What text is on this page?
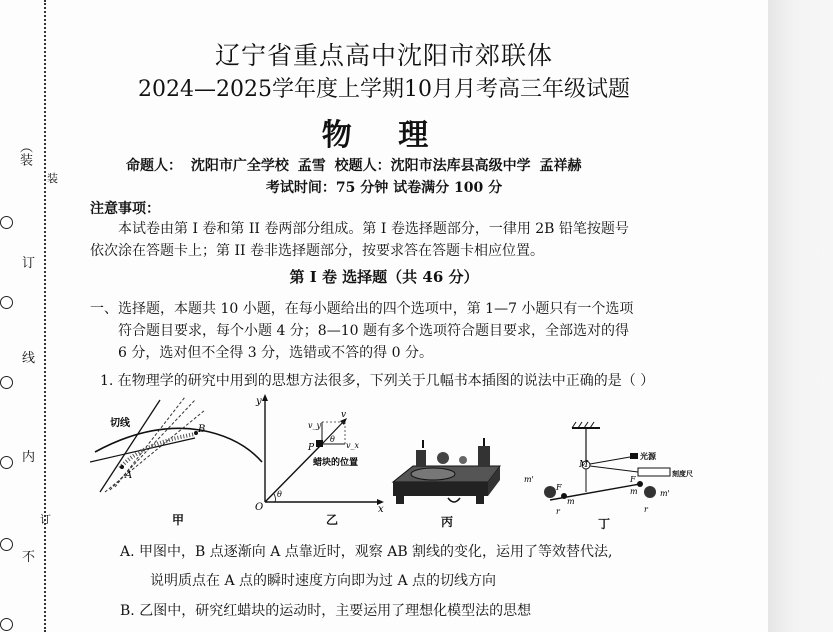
（装
装
订
线
内
订
不
辽宁省重点高中沈阳市郊联体
2024—2025学年度上学期10月月考高三年级试题
物 理
命题人： 沈阳市广全学校 孟雪 校题人：沈阳市法库县高级中学 孟祥赫
考试时间：75 分钟 试卷满分 100 分
注意事项：
本试卷由第 I 卷和第 II 卷两部分组成。第 I 卷选择题部分，一律用 2B 铅笔按题号
依次涂在答题卡上；第 II 卷非选择题部分，按要求答在答题卡相应位置。
第 I 卷 选择题（共 46 分）
一、选择题，本题共 10 小题，在每小题给出的四个选项中，第 1—7 小题只有一个选项
符合题目要求，每个小题 4 分；8—10 题有多个选项符合题目要求，全部选对的得
6 分，选对但不全得 3 分，选错或不答的得 0 分。
1. 在物理学的研究中用到的思想方法很多，下列关于几幅书本插图的说法中正确的是（ ）
切线
A
B
甲
y
x
O
P
v
v_y
v_x
θ
θ
蜡块的位置
乙	丙
M
光源
刻度尺
m'
m'
F
F
m
m
r	r
丁
A. 甲图中，B 点逐渐向 A 点靠近时，观察 AB 割线的变化，运用了等效替代法,
说明质点在 A 点的瞬时速度方向即为过 A 点的切线方向
B. 乙图中，研究红蜡块的运动时，主要运用了理想化模型法的思想
